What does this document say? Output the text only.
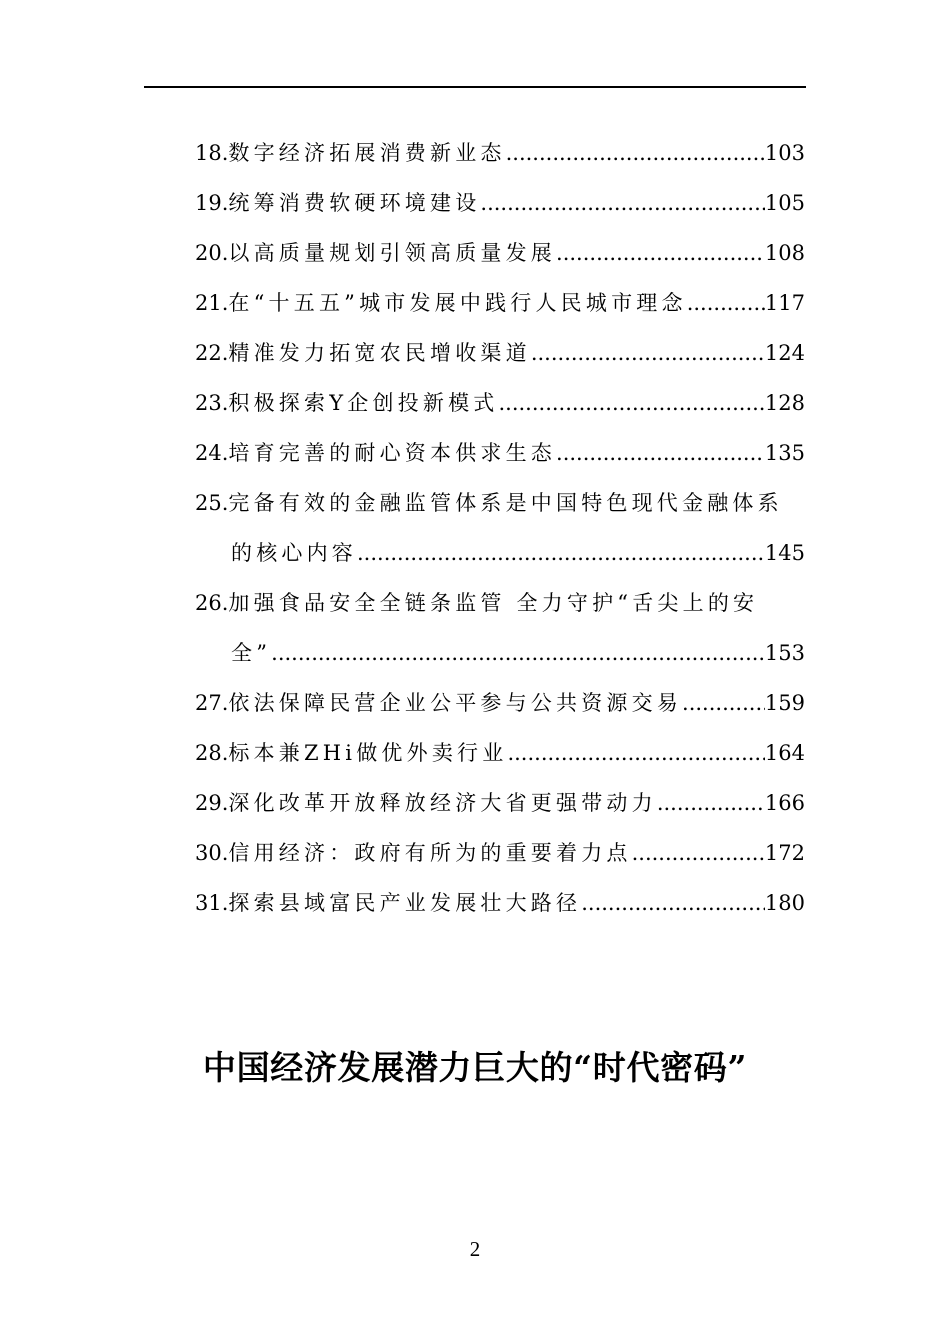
18. 数字经济拓展消费新业态 .....	103
19. 统筹消费软硬环境建设 .....	105
20. 以高质量规划引领高质量发展 .....	108
21. 在“十五五”城市发展中践行人民城市理念 .....	117
22. 精准发力拓宽农民增收渠道 .....	124
23. 积极探索Y企创投新模式 .....	128
24. 培育完善的耐心资本供求生态 .....	135
25. 完备有效的金融监管体系是中国特色现代金融体系
的核心内容 .....	145
26. 加强食品安全全链条监管 全力守护“舌尖上的安
全” .....	153
27. 依法保障民营企业公平参与公共资源交易 .....	159
28. 标本兼ZHi做优外卖行业 .....	164
29. 深化改革开放释放经济大省更强带动力 .....	166
30. 信用经济：政府有所为的重要着力点 .....	172
31. 探索县域富民产业发展壮大路径 .....	180
中国经济发展潜力巨大的“时代密码”
2
